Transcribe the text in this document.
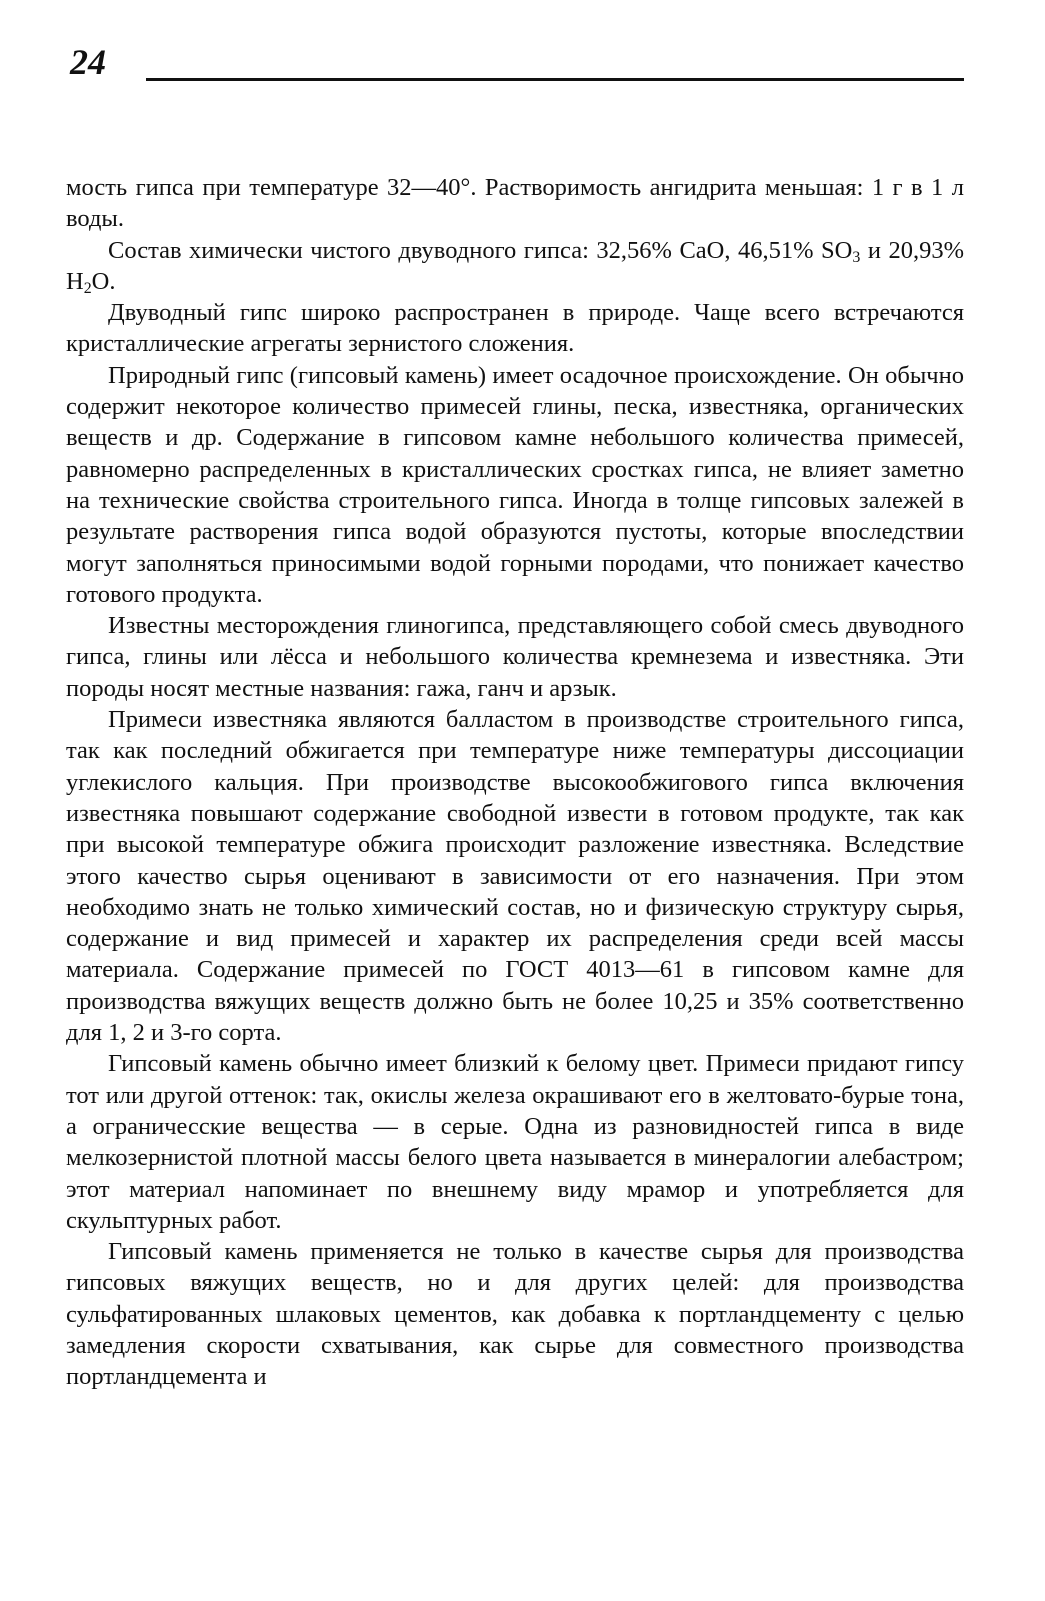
24

мость гипса при температуре 32—40°. Растворимость ангидрита меньшая: 1 г в 1 л воды.

Состав химически чистого двуводного гипса: 32,56% CaO, 46,51% $SO_3$ и 20,93% $H_2O$.

Двуводный гипс широко распространен в природе. Чаще всего встречаются кристаллические агрегаты зернистого сложения.

Природный гипс (гипсовый камень) имеет осадочное происхождение. Он обычно содержит некоторое количество примесей глины, песка, известняка, органических веществ и др. Содержание в гипсовом камне небольшого количества примесей, равномерно распределенных в кристаллических сростках гипса, не влияет заметно на технические свойства строительного гипса. Иногда в толще гипсовых залежей в результате растворения гипса водой образуются пустоты, которые впоследствии могут заполняться приносимыми водой горными породами, что понижает качество готового продукта.

Известны месторождения глиногипса, представляющего собой смесь двуводного гипса, глины или лёсса и небольшого количества кремнезема и известняка. Эти породы носят местные названия: гажа, ганч и арзык.

Примеси известняка являются балластом в производстве строительного гипса, так как последний обжигается при температуре ниже температуры диссоциации углекислого кальция. При производстве высокообжигового гипса включения известняка повышают содержание свободной извести в готовом продукте, так как при высокой температуре обжига происходит разложение известняка. Вследствие этого качество сырья оценивают в зависимости от его назначения. При этом необходимо знать не только химический состав, но и физическую структуру сырья, содержание и вид примесей и характер их распределения среди всей массы материала. Содержание примесей по ГОСТ 4013—61 в гипсовом камне для производства вяжущих веществ должно быть не более 10,25 и 35% соответственно для 1, 2 и 3-го сорта.

Гипсовый камень обычно имеет близкий к белому цвет. Примеси придают гипсу тот или другой оттенок: так, окислы железа окрашивают его в желтовато-бурые тона, а ограничесские вещества — в серые. Одна из разновидностей гипса в виде мелкозернистой плотной массы белого цвета называется в минералогии алебастром; этот материал напоминает по внешнему виду мрамор и употребляется для скульптурных работ.

Гипсовый камень применяется не только в качестве сырья для производства гипсовых вяжущих веществ, но и для других целей: для производства сульфатированных шлаковых цементов, как добавка к портландцементу с целью замедления скорости схватывания, как сырье для совместного производства портландцемента и
